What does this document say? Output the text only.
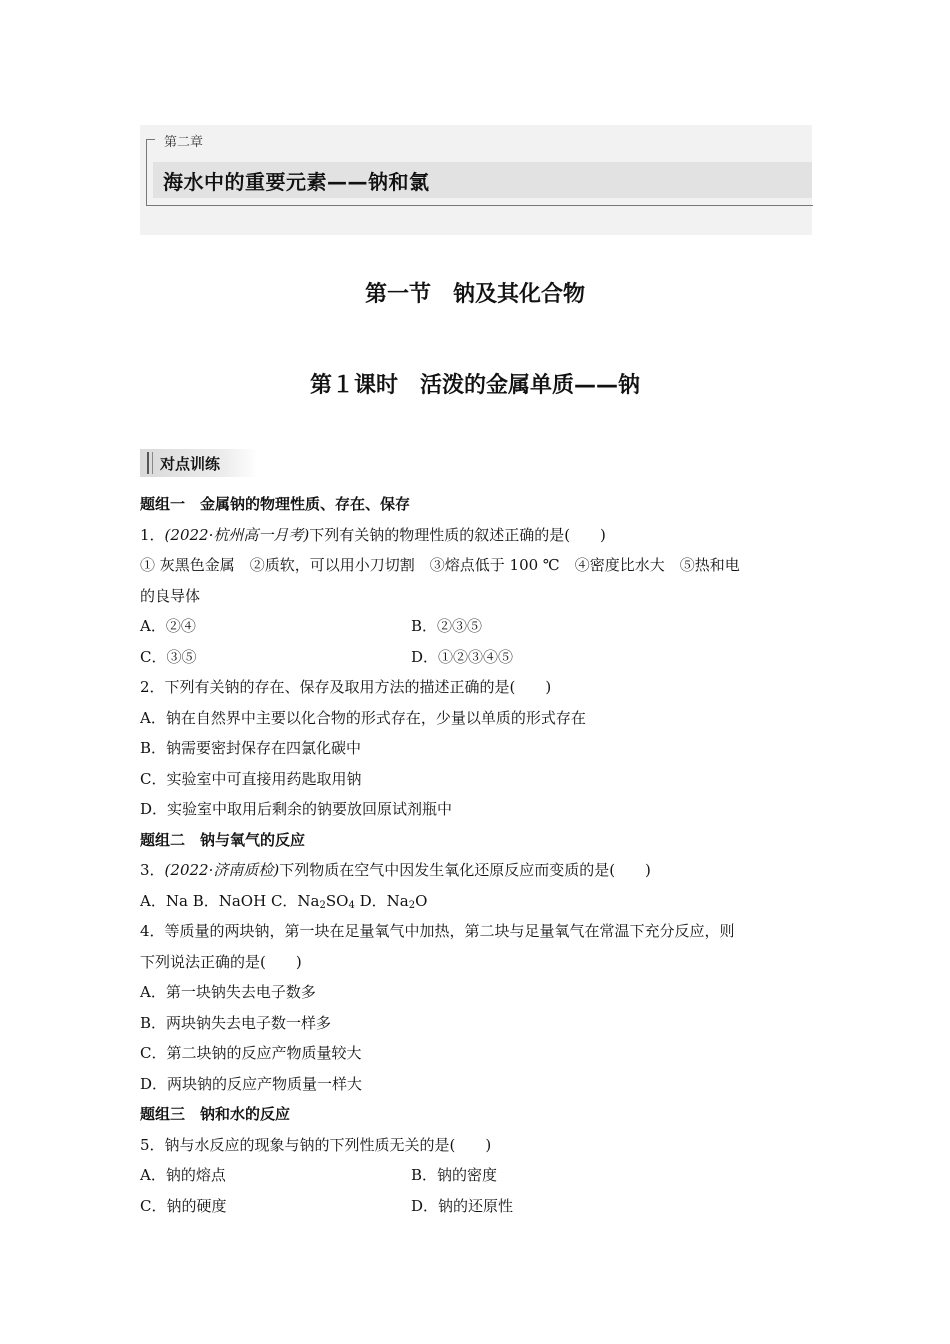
第二章
海水中的重要元素——钠和氯
第一节　钠及其化合物
第１课时　活泼的金属单质——钠
对点训练
题组一　金属钠的物理性质、存在、保存
1．(2022·杭州高一月考)下列有关钠的物理性质的叙述正确的是(　　)
① 灰黑色金属　②质软，可以用小刀切割　③熔点低于 100 ℃　④密度比水大　⑤热和电
的良导体
A．②④	B．②③⑤
C．③⑤	D．①②③④⑤
2．下列有关钠的存在、保存及取用方法的描述正确的是(　　)
A．钠在自然界中主要以化合物的形式存在，少量以单质的形式存在
B．钠需要密封保存在四氯化碳中
C．实验室中可直接用药匙取用钠
D．实验室中取用后剩余的钠要放回原试剂瓶中
题组二　钠与氧气的反应
3．(2022·济南质检)下列物质在空气中因发生氧化还原反应而变质的是(　　)
A．Na B．NaOH C．$Na_2SO_4$ D．$Na_2O$
4．等质量的两块钠，第一块在足量氧气中加热，第二块与足量氧气在常温下充分反应，则
下列说法正确的是(　　)
A．第一块钠失去电子数多
B．两块钠失去电子数一样多
C．第二块钠的反应产物质量较大
D．两块钠的反应产物质量一样大
题组三　钠和水的反应
5．钠与水反应的现象与钠的下列性质无关的是(　　)
A．钠的熔点	B．钠的密度
C．钠的硬度	D．钠的还原性
